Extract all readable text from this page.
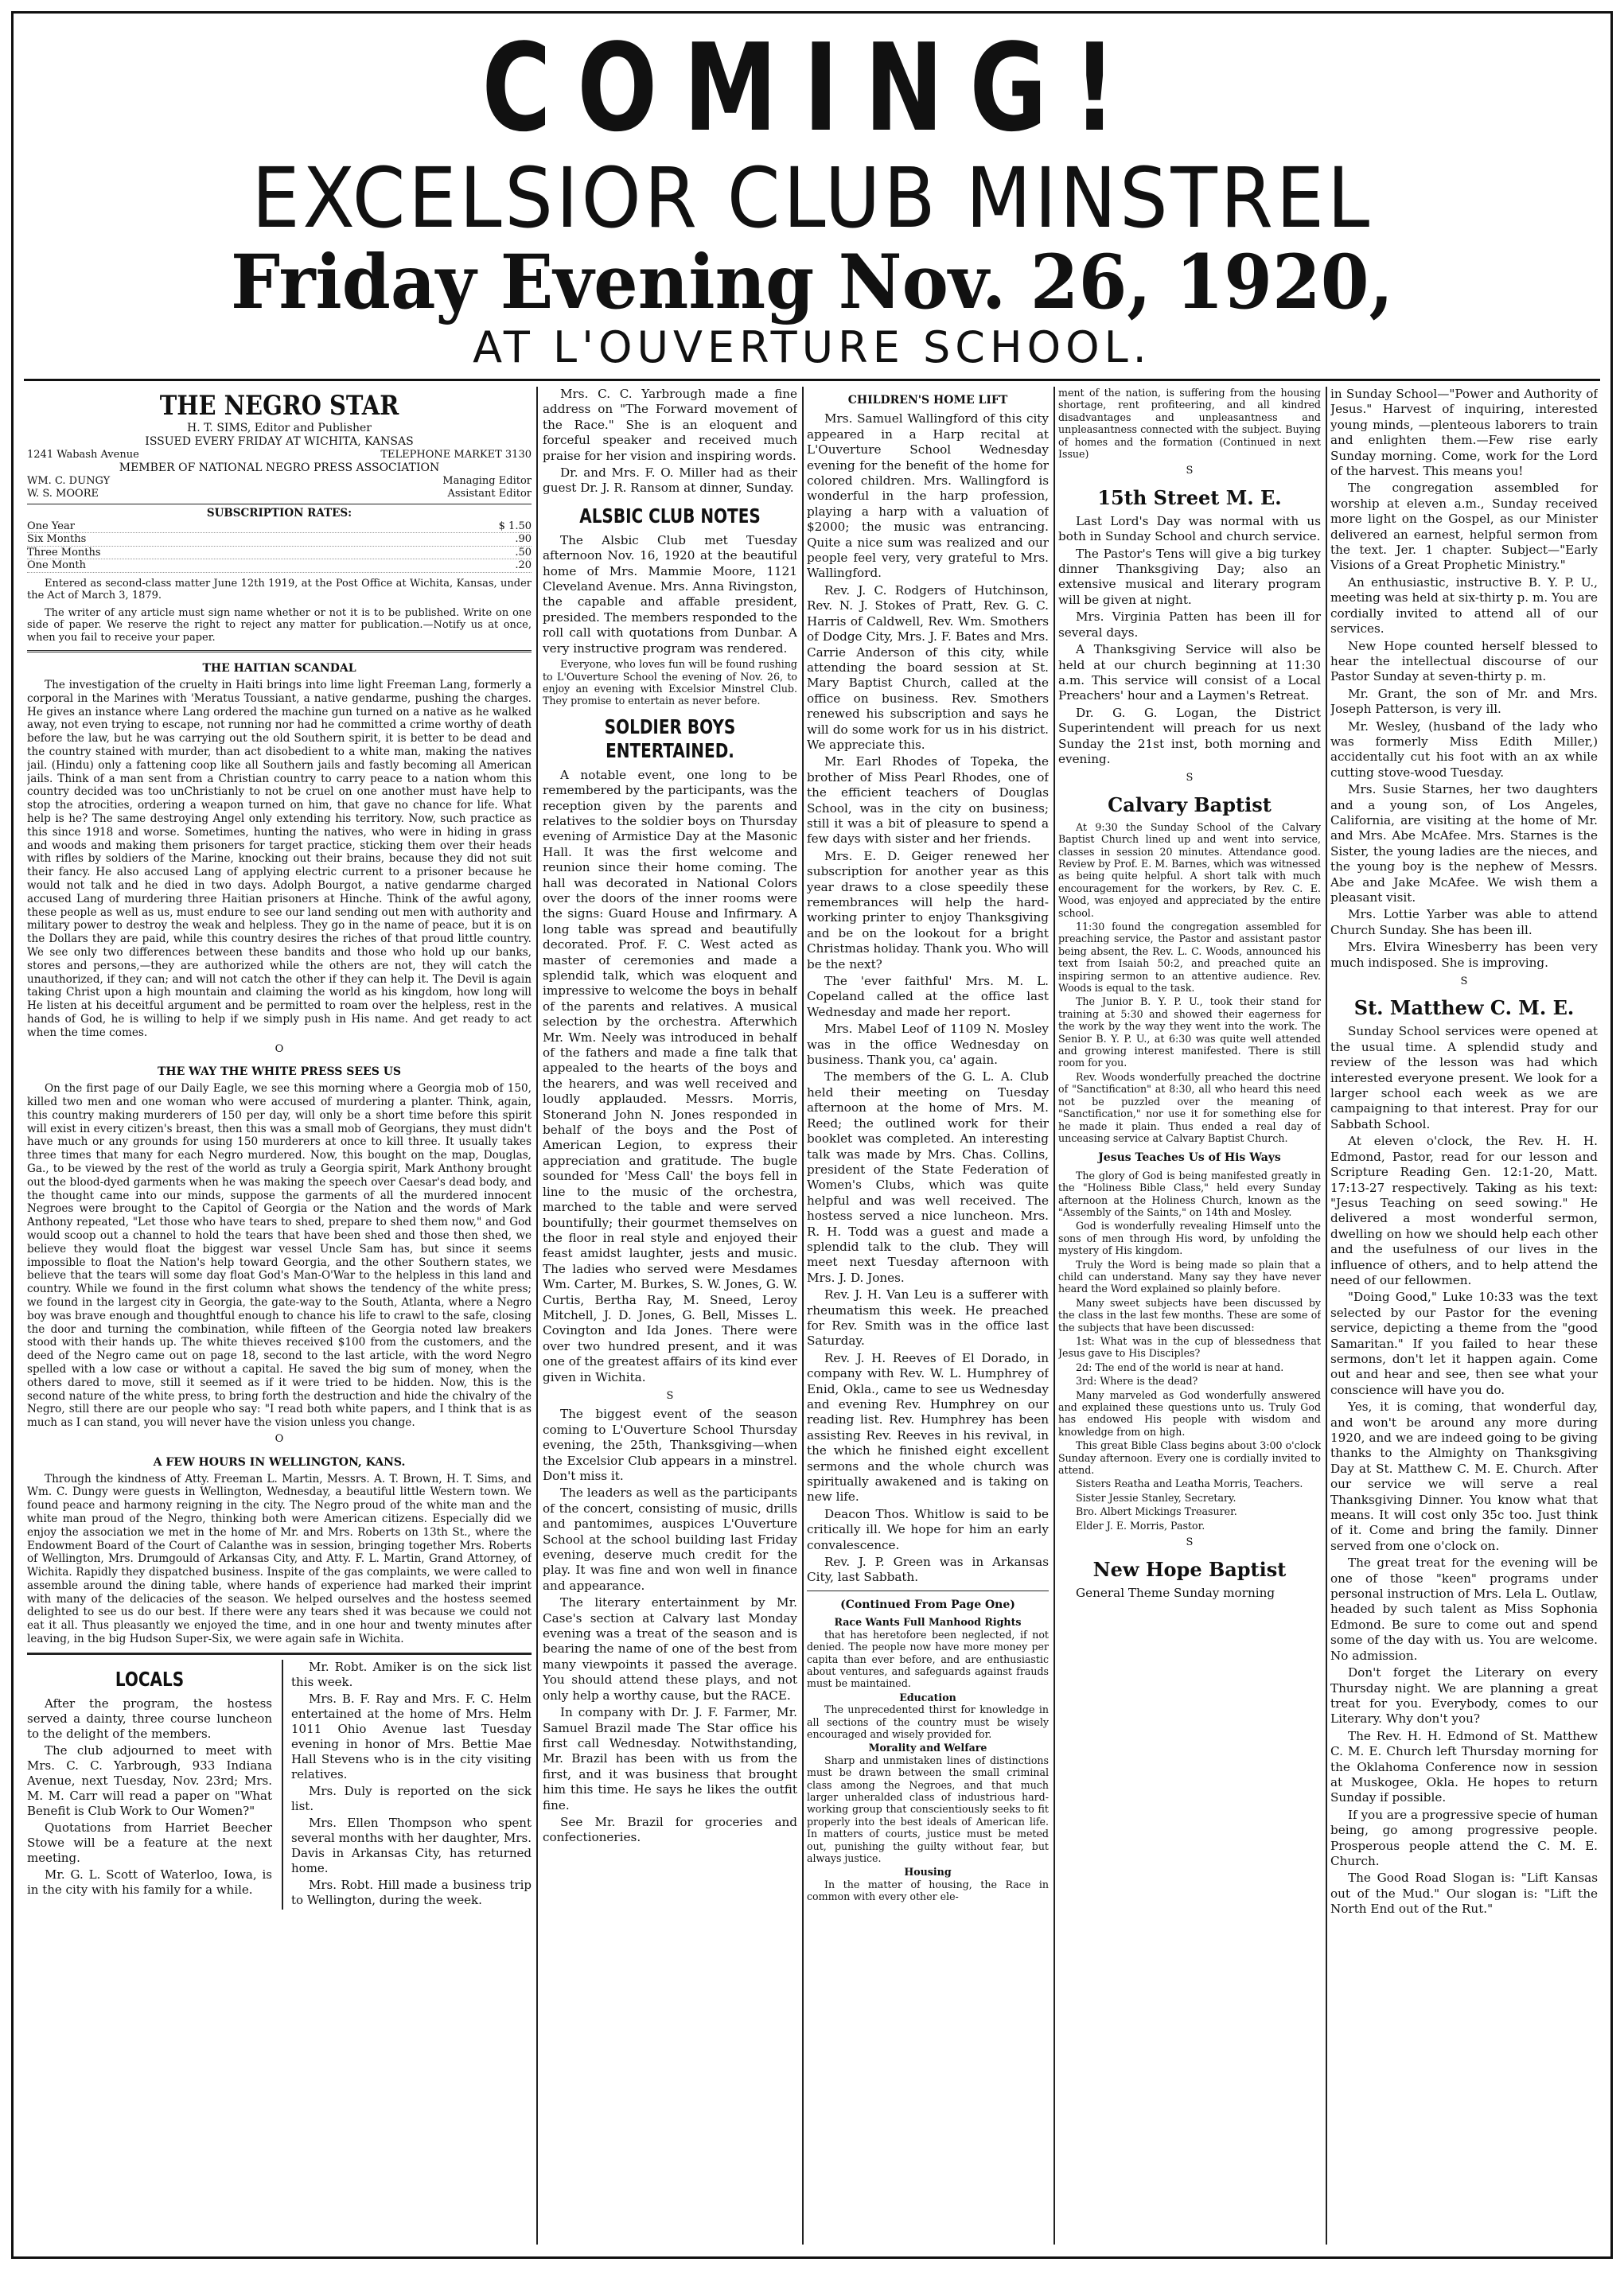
COMING!
EXCELSIOR CLUB MINSTREL
Friday Evening Nov. 26, 1920,
AT L'OUVERTURE SCHOOL.
THE NEGRO STAR
H. T. SIMS, Editor and Publisher
ISSUED EVERY FRIDAY AT WICHITA, KANSAS
1241 Wabash Avenue	TELEPHONE MARKET 3130
MEMBER OF NATIONAL NEGRO PRESS ASSOCIATION
WM. C. DUNGY	Managing Editor
W. S. MOORE	Assistant Editor
SUBSCRIPTION RATES:
One Year	$ 1.50
Six Months	.90
Three Months	.50
One Month	.20
Entered as second-class matter June 12th 1919, at the Post Office at Wichita, Kansas, under the Act of March 3, 1879.
The writer of any article must sign name whether or not it is to be published. Write on one side of paper. We reserve the right to reject any matter for publication.—Notify us at once, when you fail to receive your paper.
THE HAITIAN SCANDAL

The investigation of the cruelty in Haiti brings into lime light Freeman Lang, formerly a corporal in the Marines with 'Meratus Toussiant, a native gendarme, pushing the charges. He gives an instance where Lang ordered the machine gun turned on a native as he walked away, not even trying to escape, not running nor had he committed a crime worthy of death before the law, but he was carrying out the old Southern spirit, it is better to be dead and the country stained with murder, than act disobedient to a white man, making the natives jail. (Hindu) only a fattening coop like all Southern jails and fastly becoming all American jails. Think of a man sent from a Christian country to carry peace to a nation whom this country decided was too unChristianly to not be cruel on one another must have help to stop the atrocities, ordering a weapon turned on him, that gave no chance for life. What help is he? The same destroying Angel only extending his territory. Now, such practice as this since 1918 and worse. Sometimes, hunting the natives, who were in hiding in grass and woods and making them prisoners for target practice, sticking them over their heads with rifles by soldiers of the Marine, knocking out their brains, because they did not suit their fancy. He also accused Lang of applying electric current to a prisoner because he would not talk and he died in two days. Adolph Bourgot, a native gendarme charged accused Lang of murdering three Haitian prisoners at Hinche. Think of the awful agony, these people as well as us, must endure to see our land sending out men with authority and military power to destroy the weak and helpless. They go in the name of peace, but it is on the Dollars they are paid, while this country desires the riches of that proud little country. We see only two differences between these bandits and those who hold up our banks, stores and persons,—they are authorized while the others are not, they will catch the unauthorized, if they can; and will not catch the other if they can help it. The Devil is again taking Christ upon a high mountain and claiming the world as his kingdom, how long will He listen at his deceitful argument and be permitted to roam over the helpless, rest in the hands of God, he is willing to help if we simply push in His name. And get ready to act when the time comes.

O
THE WAY THE WHITE PRESS SEES US

On the first page of our Daily Eagle, we see this morning where a Georgia mob of 150, killed two men and one woman who were accused of murdering a planter. Think, again, this country making murderers of 150 per day, will only be a short time before this spirit will exist in every citizen's breast, then this was a small mob of Georgians, they must didn't have much or any grounds for using 150 murderers at once to kill three. It usually takes three times that many for each Negro murdered. Now, this bought on the map, Douglas, Ga., to be viewed by the rest of the world as truly a Georgia spirit, Mark Anthony brought out the blood-dyed garments when he was making the speech over Caesar's dead body, and the thought came into our minds, suppose the garments of all the murdered innocent Negroes were brought to the Capitol of Georgia or the Nation and the words of Mark Anthony repeated, "Let those who have tears to shed, prepare to shed them now," and God would scoop out a channel to hold the tears that have been shed and those then shed, we believe they would float the biggest war vessel Uncle Sam has, but since it seems impossible to float the Nation's help toward Georgia, and the other Southern states, we believe that the tears will some day float God's Man-O'War to the helpless in this land and country. While we found in the first column what shows the tendency of the white press; we found in the largest city in Georgia, the gate-way to the South, Atlanta, where a Negro boy was brave enough and thoughtful enough to chance his life to crawl to the safe, closing the door and turning the combination, while fifteen of the Georgia noted law breakers stood with their hands up. The white thieves received $100 from the customers, and the deed of the Negro came out on page 18, second to the last article, with the word Negro spelled with a low case or without a capital. He saved the big sum of money, when the others dared to move, still it seemed as if it were tried to be hidden. Now, this is the second nature of the white press, to bring forth the destruction and hide the chivalry of the Negro, still there are our people who say: "I read both white papers, and I think that is as much as I can stand, you will never have the vision unless you change.

O
A FEW HOURS IN WELLINGTON, KANS.

Through the kindness of Atty. Freeman L. Martin, Messrs. A. T. Brown, H. T. Sims, and Wm. C. Dungy were guests in Wellington, Wednesday, a beautiful little Western town. We found peace and harmony reigning in the city. The Negro proud of the white man and the white man proud of the Negro, thinking both were American citizens. Especially did we enjoy the association we met in the home of Mr. and Mrs. Roberts on 13th St., where the Endowment Board of the Court of Calanthe was in session, bringing together Mrs. Roberts of Wellington, Mrs. Drumgould of Arkansas City, and Atty. F. L. Martin, Grand Attorney, of Wichita. Rapidly they dispatched business. Inspite of the gas complaints, we were called to assemble around the dining table, where hands of experience had marked their imprint with many of the delicacies of the season. We helped ourselves and the hostess seemed delighted to see us do our best. If there were any tears shed it was because we could not eat it all. Thus pleasantly we enjoyed the time, and in one hour and twenty minutes after leaving, in the big Hudson Super-Six, we were again safe in Wichita.

LOCALS

After the program, the hostess served a dainty, three course luncheon to the delight of the members.

The club adjourned to meet with Mrs. C. C. Yarbrough, 933 Indiana Avenue, next Tuesday, Nov. 23rd; Mrs. M. M. Carr will read a paper on "What Benefit is Club Work to Our Women?"

Quotations from Harriet Beecher Stowe will be a feature at the next meeting.

Mr. G. L. Scott of Waterloo, Iowa, is in the city with his family for a while.

Mr. Robt. Amiker is on the sick list this week.

Mrs. B. F. Ray and Mrs. F. C. Helm entertained at the home of Mrs. Helm 1011 Ohio Avenue last Tuesday evening in honor of Mrs. Bettie Mae Hall Stevens who is in the city visiting relatives.

Mrs. Duly is reported on the sick list.

Mrs. Ellen Thompson who spent several months with her daughter, Mrs. Davis in Arkansas City, has returned home.

Mrs. Robt. Hill made a business trip to Wellington, during the week.

Mrs. C. C. Yarbrough made a fine address on "The Forward movement of the Race." She is an eloquent and forceful speaker and received much praise for her vision and inspiring words.

Dr. and Mrs. F. O. Miller had as their guest Dr. J. R. Ransom at dinner, Sunday.

ALSBIC CLUB NOTES

The Alsbic Club met Tuesday afternoon Nov. 16, 1920 at the beautiful home of Mrs. Mammie Moore, 1121 Cleveland Avenue. Mrs. Anna Rivingston, the capable and affable president, presided. The members responded to the roll call with quotations from Dunbar. A very instructive program was rendered.

Everyone, who loves fun will be found rushing to L'Ouverture School the evening of Nov. 26, to enjoy an evening with Excelsior Minstrel Club. They promise to entertain as never before.

SOLDIER BOYS ENTERTAINED.

A notable event, one long to be remembered by the participants, was the reception given by the parents and relatives to the soldier boys on Thursday evening of Armistice Day at the Masonic Hall. It was the first welcome and reunion since their home coming. The hall was decorated in National Colors over the doors of the inner rooms were the signs: Guard House and Infirmary. A long table was spread and beautifully decorated. Prof. F. C. West acted as master of ceremonies and made a splendid talk, which was eloquent and impressive to welcome the boys in behalf of the parents and relatives. A musical selection by the orchestra. Afterwhich Mr. Wm. Neely was introduced in behalf of the fathers and made a fine talk that appealed to the hearts of the boys and the hearers, and was well received and loudly applauded. Messrs. Morris, Stonerand John N. Jones responded in behalf of the boys and the Post of American Legion, to express their appreciation and gratitude. The bugle sounded for 'Mess Call' the boys fell in line to the music of the orchestra, marched to the table and were served bountifully; their gourmet themselves on the floor in real style and enjoyed their feast amidst laughter, jests and music. The ladies who served were Mesdames Wm. Carter, M. Burkes, S. W. Jones, G. W. Curtis, Bertha Ray, M. Sneed, Leroy Mitchell, J. D. Jones, G. Bell, Misses L. Covington and Ida Jones. There were over two hundred present, and it was one of the greatest affairs of its kind ever given in Wichita.

S

The biggest event of the season coming to L'Ouverture School Thursday evening, the 25th, Thanksgiving—when the Excelsior Club appears in a minstrel. Don't miss it.

The leaders as well as the participants of the concert, consisting of music, drills and pantomimes, auspices L'Ouverture School at the school building last Friday evening, deserve much credit for the play. It was fine and won well in finance and appearance.

The literary entertainment by Mr. Case's section at Calvary last Monday evening was a treat of the season and is bearing the name of one of the best from many viewpoints it passed the average. You should attend these plays, and not only help a worthy cause, but the RACE.

In company with Dr. J. F. Farmer, Mr. Samuel Brazil made The Star office his first call Wednesday. Notwithstanding, Mr. Brazil has been with us from the first, and it was business that brought him this time. He says he likes the outfit fine.

See Mr. Brazil for groceries and confectioneries.

CHILDREN'S HOME LIFT

Mrs. Samuel Wallingford of this city appeared in a Harp recital at L'Ouverture School Wednesday evening for the benefit of the home for colored children. Mrs. Wallingford is wonderful in the harp profession, playing a harp with a valuation of $2000; the music was entrancing. Quite a nice sum was realized and our people feel very, very grateful to Mrs. Wallingford.

Rev. J. C. Rodgers of Hutchinson, Rev. N. J. Stokes of Pratt, Rev. G. C. Harris of Caldwell, Rev. Wm. Smothers of Dodge City, Mrs. J. F. Bates and Mrs. Carrie Anderson of this city, while attending the board session at St. Mary Baptist Church, called at the office on business. Rev. Smothers renewed his subscription and says he will do some work for us in his district. We appreciate this.

Mr. Earl Rhodes of Topeka, the brother of Miss Pearl Rhodes, one of the efficient teachers of Douglas School, was in the city on business; still it was a bit of pleasure to spend a few days with sister and her friends.

Mrs. E. D. Geiger renewed her subscription for another year as this year draws to a close speedily these remembrances will help the hard-working printer to enjoy Thanksgiving and be on the lookout for a bright Christmas holiday. Thank you. Who will be the next?

The 'ever faithful' Mrs. M. L. Copeland called at the office last Wednesday and made her report.

Mrs. Mabel Leof of 1109 N. Mosley was in the office Wednesday on business. Thank you, ca' again.

The members of the G. L. A. Club held their meeting on Tuesday afternoon at the home of Mrs. M. Reed; the outlined work for their booklet was completed. An interesting talk was made by Mrs. Chas. Collins, president of the State Federation of Women's Clubs, which was quite helpful and was well received. The hostess served a nice luncheon. Mrs. R. H. Todd was a guest and made a splendid talk to the club. They will meet next Tuesday afternoon with Mrs. J. D. Jones.

Rev. J. H. Van Leu is a sufferer with rheumatism this week. He preached for Rev. Smith was in the office last Saturday.

Rev. J. H. Reeves of El Dorado, in company with Rev. W. L. Humphrey of Enid, Okla., came to see us Wednesday and evening Rev. Humphrey on our reading list. Rev. Humphrey has been assisting Rev. Reeves in his revival, in the which he finished eight excellent sermons and the whole church was spiritually awakened and is taking on new life.

Deacon Thos. Whitlow is said to be critically ill. We hope for him an early convalescence.

Rev. J. P. Green was in Arkansas City, last Sabbath.

(Continued From Page One)
Race Wants Full Manhood Rights

that has heretofore been neglected, if not denied. The people now have more money per capita than ever before, and are enthusiastic about ventures, and safeguards against frauds must be maintained.

Education

The unprecedented thirst for knowledge in all sections of the country must be wisely encouraged and wisely provided for.

Morality and Welfare

Sharp and unmistaken lines of distinctions must be drawn between the small criminal class among the Negroes, and that much larger unheralded class of industrious hard-working group that conscientiously seeks to fit properly into the best ideals of American life. In matters of courts, justice must be meted out, punishing the guilty without fear, but always justice.

Housing

In the matter of housing, the Race in common with every other ele-

ment of the nation, is suffering from the housing shortage, rent profiteering, and all kindred disadvantages and unpleasantness and unpleasantness connected with the subject. Buying of homes and the formation (Continued in next Issue)

S
15th Street M. E.

Last Lord's Day was normal with us both in Sunday School and church service.

The Pastor's Tens will give a big turkey dinner Thanksgiving Day; also an extensive musical and literary program will be given at night.

Mrs. Virginia Patten has been ill for several days.

A Thanksgiving Service will also be held at our church beginning at 11:30 a.m. This service will consist of a Local Preachers' hour and a Laymen's Retreat.

Dr. G. G. Logan, the District Superintendent will preach for us next Sunday the 21st inst, both morning and evening.

S
Calvary Baptist

At 9:30 the Sunday School of the Calvary Baptist Church lined up and went into service, classes in session 20 minutes. Attendance good. Review by Prof. E. M. Barnes, which was witnessed as being quite helpful. A short talk with much encouragement for the workers, by Rev. C. E. Wood, was enjoyed and appreciated by the entire school.

11:30 found the congregation assembled for preaching service, the Pastor and assistant pastor being absent, the Rev. L. C. Woods, announced his text from Isaiah 50:2, and preached quite an inspiring sermon to an attentive audience. Rev. Woods is equal to the task.

The Junior B. Y. P. U., took their stand for training at 5:30 and showed their eagerness for the work by the way they went into the work. The Senior B. Y. P. U., at 6:30 was quite well attended and growing interest manifested. There is still room for you.

Rev. Woods wonderfully preached the doctrine of "Sanctification" at 8:30, all who heard this need not be puzzled over the meaning of "Sanctification," nor use it for something else for he made it plain. Thus ended a real day of unceasing service at Calvary Baptist Church.

Jesus Teaches Us of His Ways

The glory of God is being manifested greatly in the "Holiness Bible Class," held every Sunday afternoon at the Holiness Church, known as the "Assembly of the Saints," on 14th and Mosley.

God is wonderfully revealing Himself unto the sons of men through His word, by unfolding the mystery of His kingdom.

Truly the Word is being made so plain that a child can understand. Many say they have never heard the Word explained so plainly before.

Many sweet subjects have been discussed by the class in the last few months. These are some of the subjects that have been discussed:

1st: What was in the cup of blessedness that Jesus gave to His Disciples?

2d: The end of the world is near at hand.

3rd: Where is the dead?

Many marveled as God wonderfully answered and explained these questions unto us. Truly God has endowed His people with wisdom and knowledge from on high.

This great Bible Class begins about 3:00 o'clock Sunday afternoon. Every one is cordially invited to attend.

Sisters Reatha and Leatha Morris, Teachers.

Sister Jessie Stanley, Secretary.

Bro. Albert Mickings Treasurer.

Elder J. E. Morris, Pastor.

S
New Hope Baptist

General Theme Sunday morning

in Sunday School—"Power and Authority of Jesus." Harvest of inquiring, interested young minds, —plenteous laborers to train and enlighten them.—Few rise early Sunday morning. Come, work for the Lord of the harvest. This means you!

The congregation assembled for worship at eleven a.m., Sunday received more light on the Gospel, as our Minister delivered an earnest, helpful sermon from the text. Jer. 1 chapter. Subject—"Early Visions of a Great Prophetic Ministry."

An enthusiastic, instructive B. Y. P. U., meeting was held at six-thirty p. m. You are cordially invited to attend all of our services.

New Hope counted herself blessed to hear the intellectual discourse of our Pastor Sunday at seven-thirty p. m.

Mr. Grant, the son of Mr. and Mrs. Joseph Patterson, is very ill.

Mr. Wesley, (husband of the lady who was formerly Miss Edith Miller,) accidentally cut his foot with an ax while cutting stove-wood Tuesday.

Mrs. Susie Starnes, her two daughters and a young son, of Los Angeles, California, are visiting at the home of Mr. and Mrs. Abe McAfee. Mrs. Starnes is the Sister, the young ladies are the nieces, and the young boy is the nephew of Messrs. Abe and Jake McAfee. We wish them a pleasant visit.

Mrs. Lottie Yarber was able to attend Church Sunday. She has been ill.

Mrs. Elvira Winesberry has been very much indisposed. She is improving.

S
St. Matthew C. M. E.

Sunday School services were opened at the usual time. A splendid study and review of the lesson was had which interested everyone present. We look for a larger school each week as we are campaigning to that interest. Pray for our Sabbath School.

At eleven o'clock, the Rev. H. H. Edmond, Pastor, read for our lesson and Scripture Reading Gen. 12:1-20, Matt. 17:13-27 respectively. Taking as his text: "Jesus Teaching on seed sowing." He delivered a most wonderful sermon, dwelling on how we should help each other and the usefulness of our lives in the influence of others, and to help attend the need of our fellowmen.

"Doing Good," Luke 10:33 was the text selected by our Pastor for the evening service, depicting a theme from the "good Samaritan." If you failed to hear these sermons, don't let it happen again. Come out and hear and see, then see what your conscience will have you do.

Yes, it is coming, that wonderful day, and won't be around any more during 1920, and we are indeed going to be giving thanks to the Almighty on Thanksgiving Day at St. Matthew C. M. E. Church. After our service we will serve a real Thanksgiving Dinner. You know what that means. It will cost only 35c too. Just think of it. Come and bring the family. Dinner served from one o'clock on.

The great treat for the evening will be one of those "keen" programs under personal instruction of Mrs. Lela L. Outlaw, headed by such talent as Miss Sophonia Edmond. Be sure to come out and spend some of the day with us. You are welcome. No admission.

Don't forget the Literary on every Thursday night. We are planning a great treat for you. Everybody, comes to our Literary. Why don't you?

The Rev. H. H. Edmond of St. Matthew C. M. E. Church left Thursday morning for the Oklahoma Conference now in session at Muskogee, Okla. He hopes to return Sunday if possible.

If you are a progressive specie of human being, go among progressive people. Prosperous people attend the C. M. E. Church.

The Good Road Slogan is: "Lift Kansas out of the Mud." Our slogan is: "Lift the North End out of the Rut."
